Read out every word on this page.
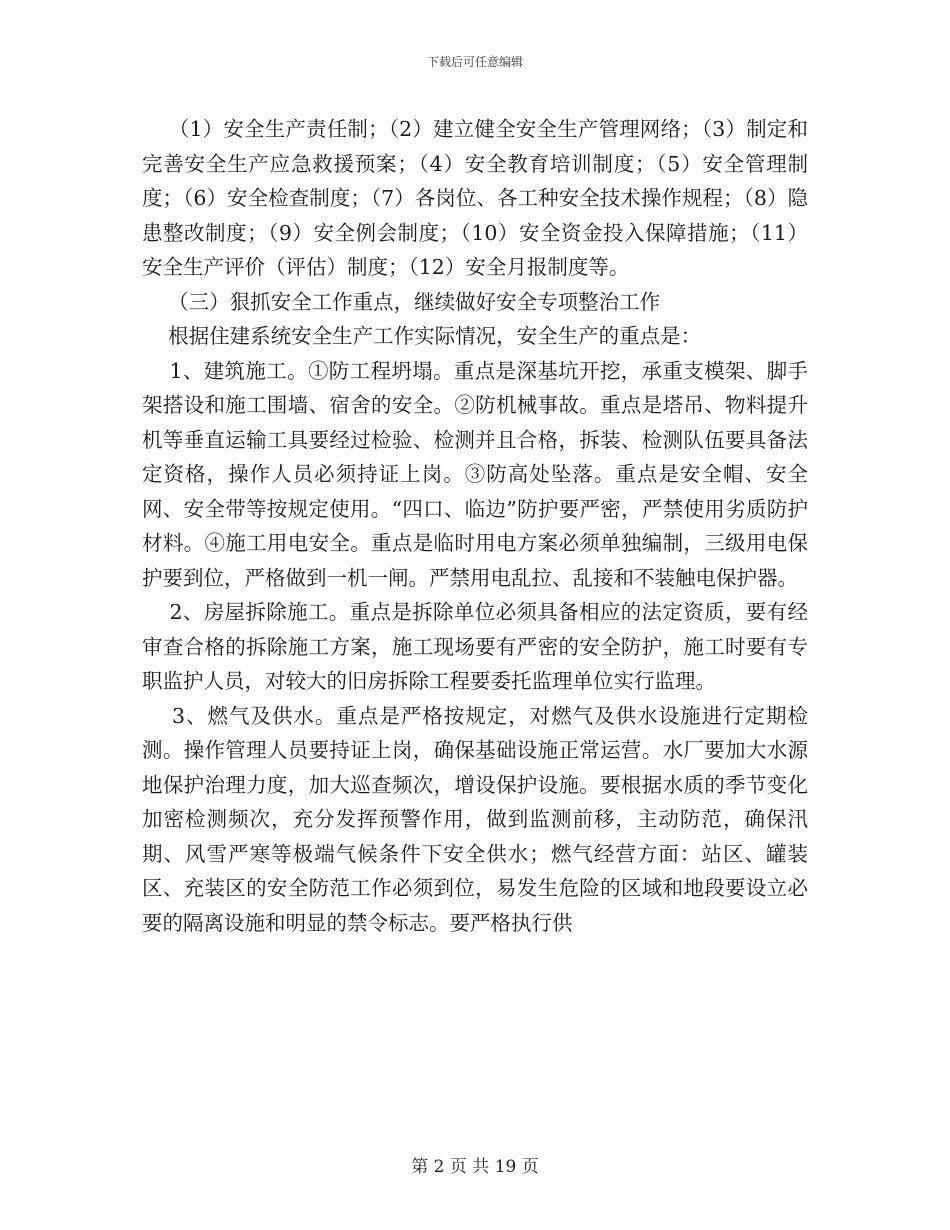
下载后可任意编辑

（1）安全生产责任制；（2）建立健全安全生产管理网络；（3）制定和完善安全生产应急救援预案；（4）安全教育培训制度；（5）安全管理制度；（6）安全检查制度；（7）各岗位、各工种安全技术操作规程；（8）隐患整改制度；（9）安全例会制度；（10）安全资金投入保障措施；（11）安全生产评价（评估）制度；（12）安全月报制度等。

（三）狠抓安全工作重点，继续做好安全专项整治工作

根据住建系统安全生产工作实际情况，安全生产的重点是：

1、建筑施工。①防工程坍塌。重点是深基坑开挖，承重支模架、脚手架搭设和施工围墙、宿舍的安全。②防机械事故。重点是塔吊、物料提升机等垂直运输工具要经过检验、检测并且合格，拆装、检测队伍要具备法定资格，操作人员必须持证上岗。③防高处坠落。重点是安全帽、安全网、安全带等按规定使用。“四口、临边”防护要严密，严禁使用劣质防护材料。④施工用电安全。重点是临时用电方案必须单独编制，三级用电保护要到位，严格做到一机一闸。严禁用电乱拉、乱接和不装触电保护器。

2、房屋拆除施工。重点是拆除单位必须具备相应的法定资质，要有经审查合格的拆除施工方案，施工现场要有严密的安全防护，施工时要有专职监护人员，对较大的旧房拆除工程要委托监理单位实行监理。

3、燃气及供水。重点是严格按规定，对燃气及供水设施进行定期检测。操作管理人员要持证上岗，确保基础设施正常运营。水厂要加大水源地保护治理力度，加大巡查频次，增设保护设施。要根据水质的季节变化加密检测频次，充分发挥预警作用，做到监测前移，主动防范，确保汛期、风雪严寒等极端气候条件下安全供水；燃气经营方面：站区、罐装区、充装区的安全防范工作必须到位，易发生危险的区域和地段要设立必要的隔离设施和明显的禁令标志。要严格执行供

第 2 页 共 19 页
